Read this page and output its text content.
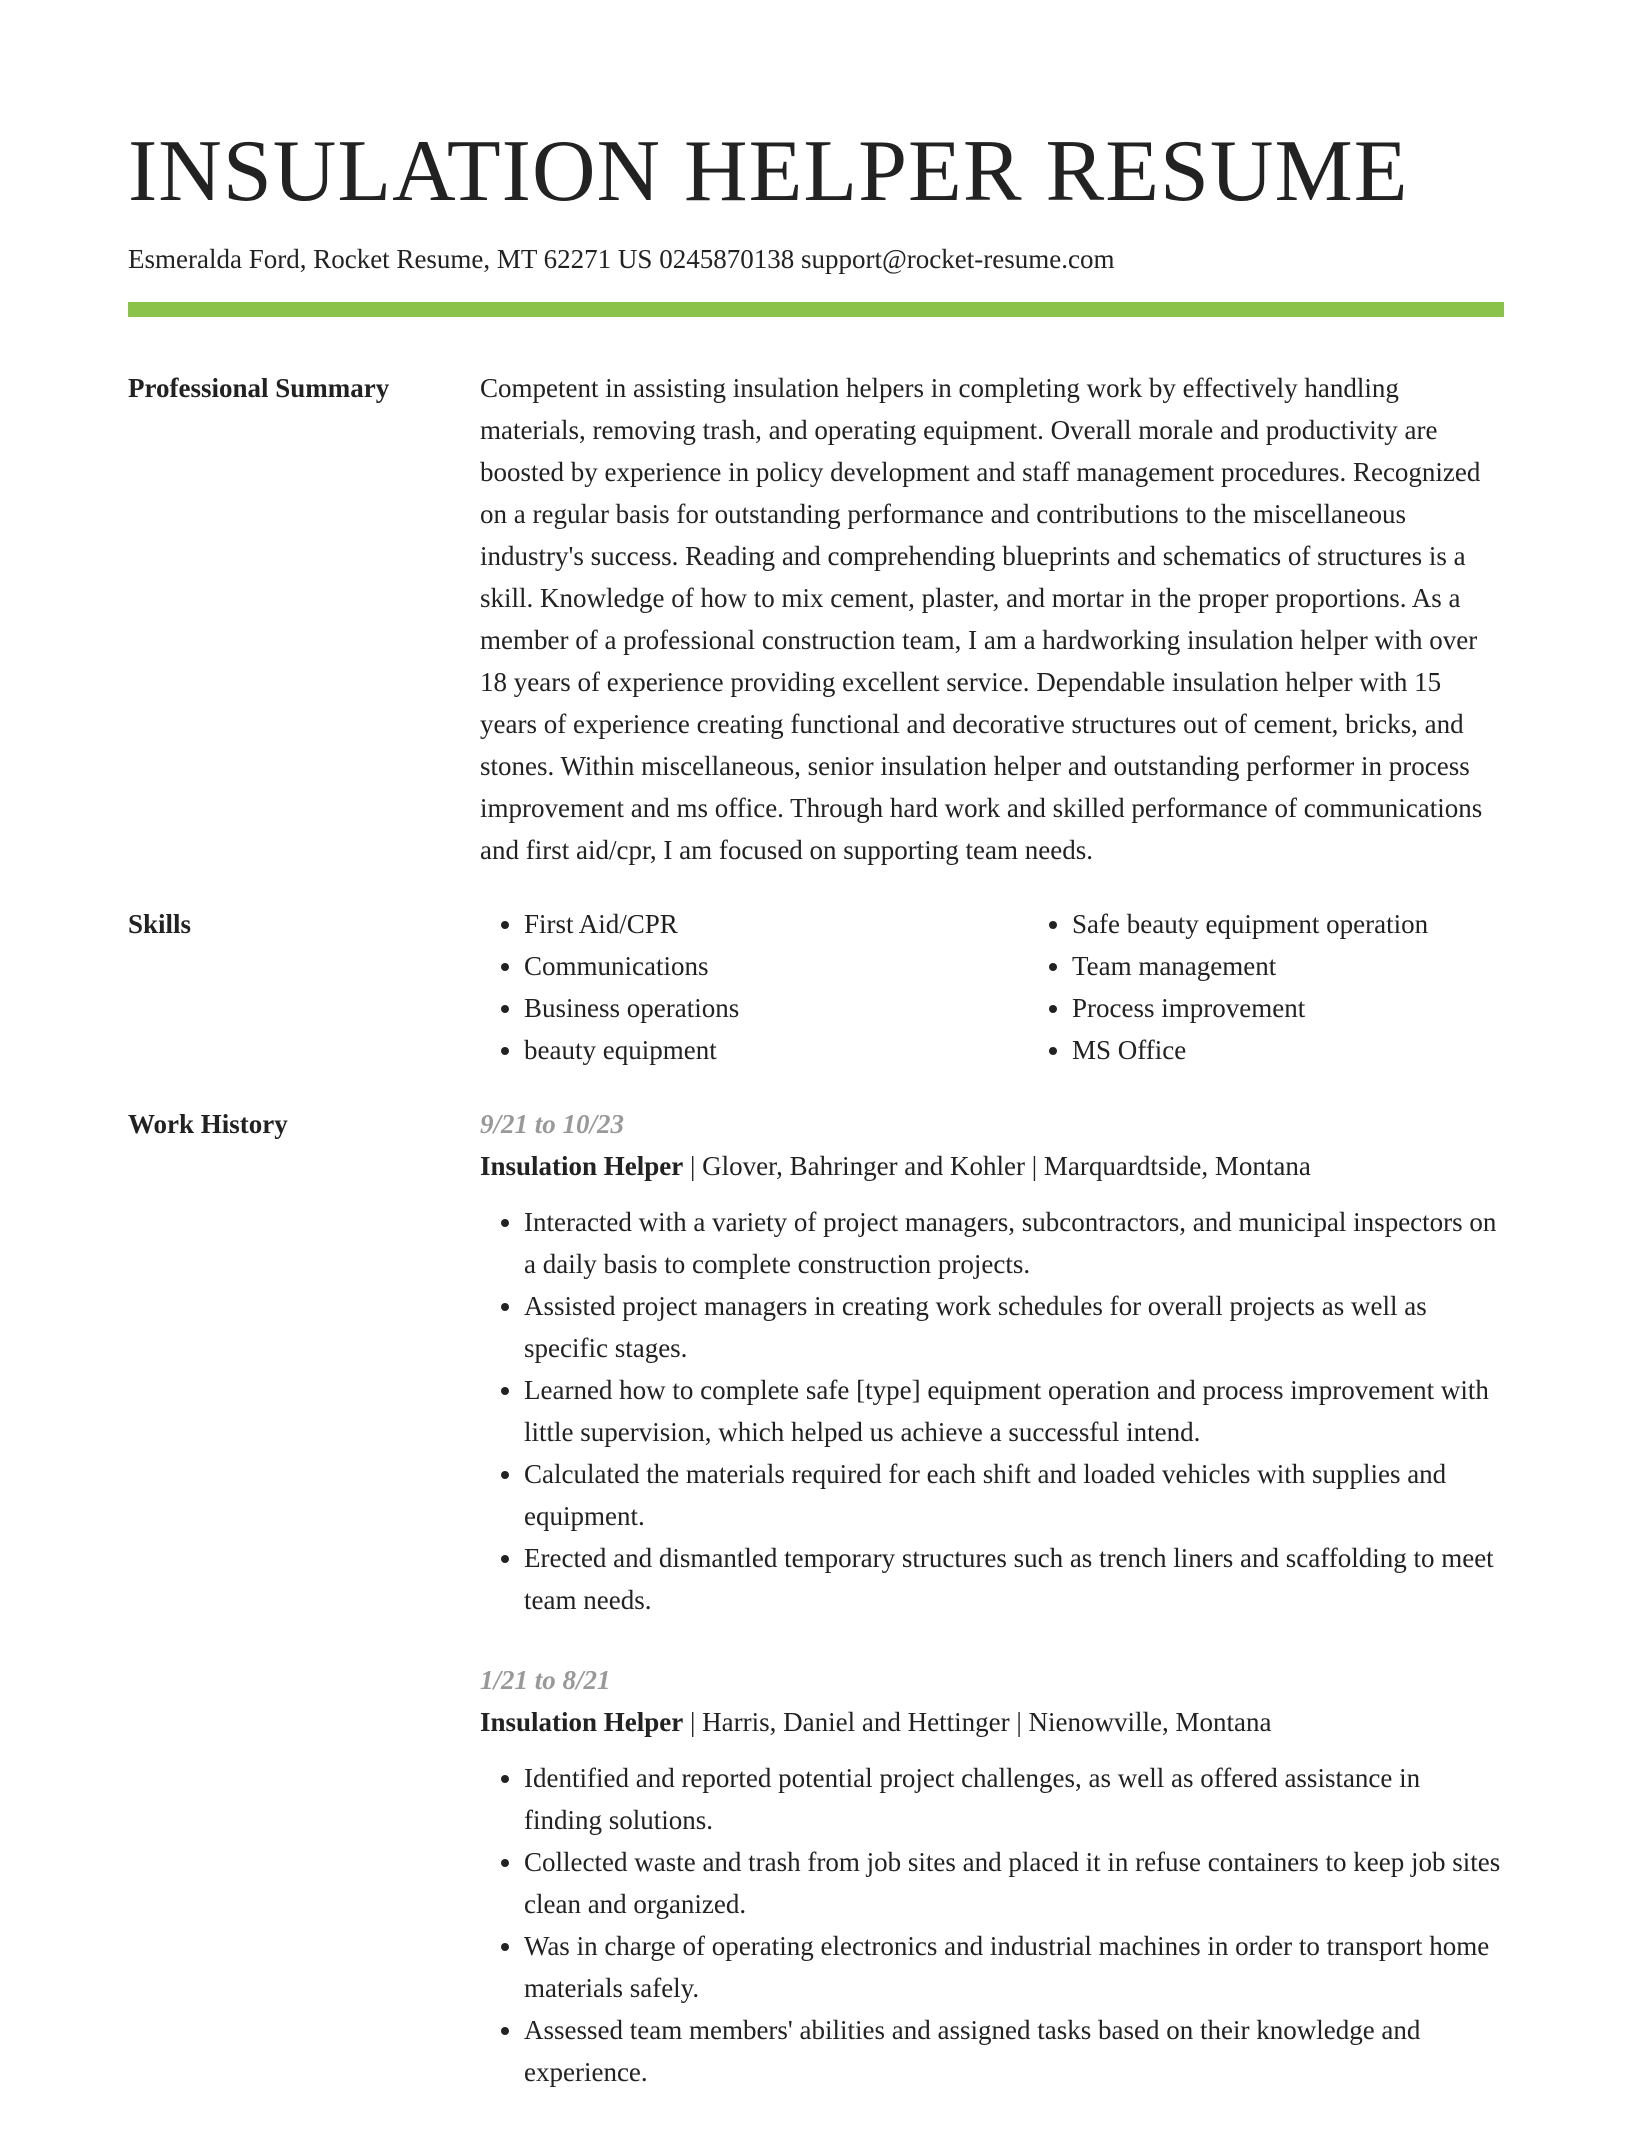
INSULATION HELPER RESUME
Esmeralda Ford, Rocket Resume, MT 62271 US 0245870138 support@rocket-resume.com
Professional Summary	Competent in assisting insulation helpers in completing work by effectively handling materials, removing trash, and operating equipment. Overall morale and productivity are boosted by experience in policy development and staff management procedures. Recognized on a regular basis for outstanding performance and contributions to the miscellaneous industry's success. Reading and comprehending blueprints and schematics of structures is a skill. Knowledge of how to mix cement, plaster, and mortar in the proper proportions. As a member of a professional construction team, I am a hardworking insulation helper with over 18 years of experience providing excellent service. Dependable insulation helper with 15 years of experience creating functional and decorative structures out of cement, bricks, and stones. Within miscellaneous, senior insulation helper and outstanding performer in process improvement and ms office. Through hard work and skilled performance of communications and first aid/cpr, I am focused on supporting team needs.
Skills
•	First Aid/CPR
• Communications
• Business operations
• beauty equipment
• Safe beauty equipment operation
• Team management
• Process improvement
• MS Office
Work History	9/21 to 10/23
Insulation Helper | Glover, Bahringer and Kohler | Marquardtside, Montana
• Interacted with a variety of project managers, subcontractors, and municipal inspectors on a daily basis to complete construction projects.
• Assisted project managers in creating work schedules for overall projects as well as specific stages.
• Learned how to complete safe [type] equipment operation and process improvement with little supervision, which helped us achieve a successful intend.
• Calculated the materials required for each shift and loaded vehicles with supplies and equipment.
• Erected and dismantled temporary structures such as trench liners and scaffolding to meet team needs.
1/21 to 8/21
Insulation Helper | Harris, Daniel and Hettinger | Nienowville, Montana
• Identified and reported potential project challenges, as well as offered assistance in finding solutions.
• Collected waste and trash from job sites and placed it in refuse containers to keep job sites clean and organized.
• Was in charge of operating electronics and industrial machines in order to transport home materials safely.
• Assessed team members' abilities and assigned tasks based on their knowledge and experience.
